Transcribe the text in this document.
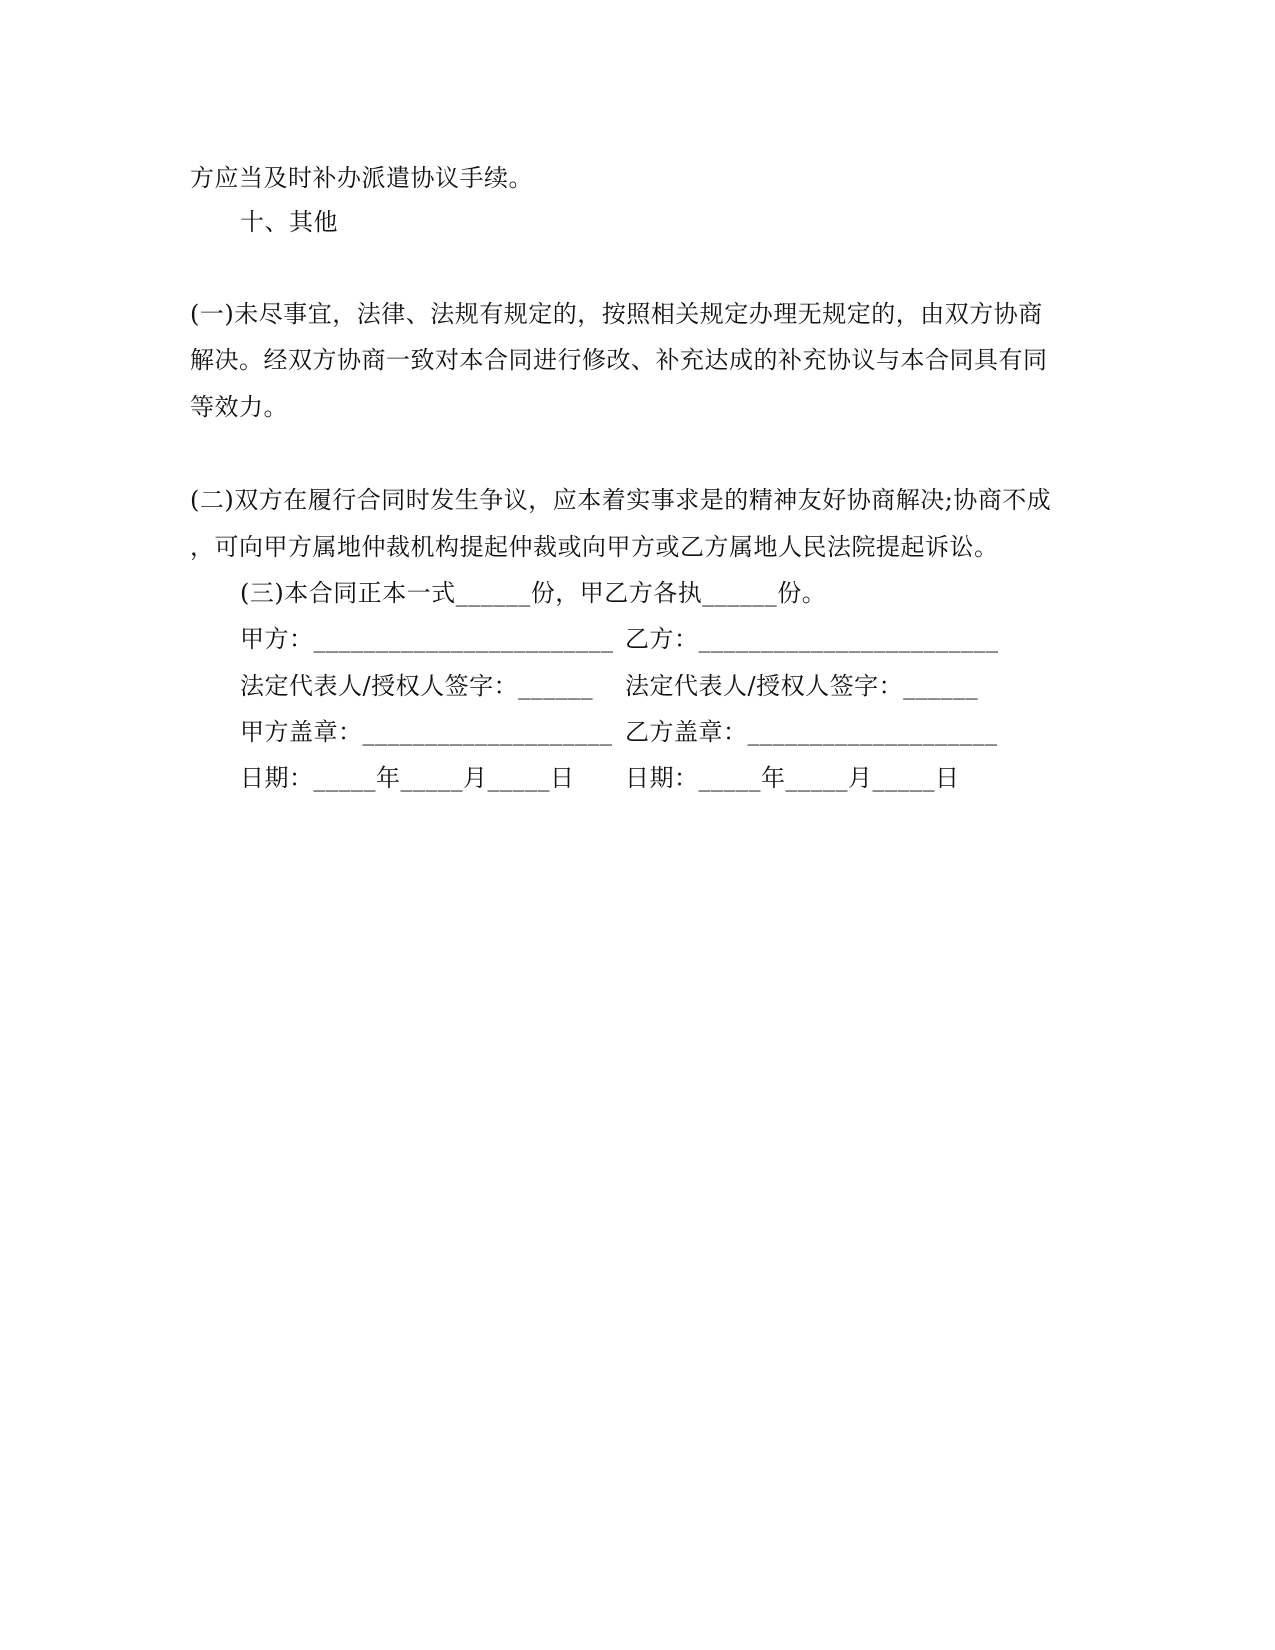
方应当及时补办派遣协议手续。
十、其他
(一)未尽事宜，法律、法规有规定的，按照相关规定办理无规定的，由双方协商
解决。经双方协商一致对本合同进行修改、补充达成的补充协议与本合同具有同
等效力。
(二)双方在履行合同时发生争议，应本着实事求是的精神友好协商解决;协商不成
，可向甲方属地仲裁机构提起仲裁或向甲方或乙方属地人民法院提起诉讼。
(三)本合同正本一式______份，甲乙方各执______份。
甲方：________________________ 乙方：________________________
法定代表人/授权人签字：______	法定代表人/授权人签字：______
甲方盖章：____________________ 乙方盖章：____________________
日期：_____年_____月_____日	日期：_____年_____月_____日
